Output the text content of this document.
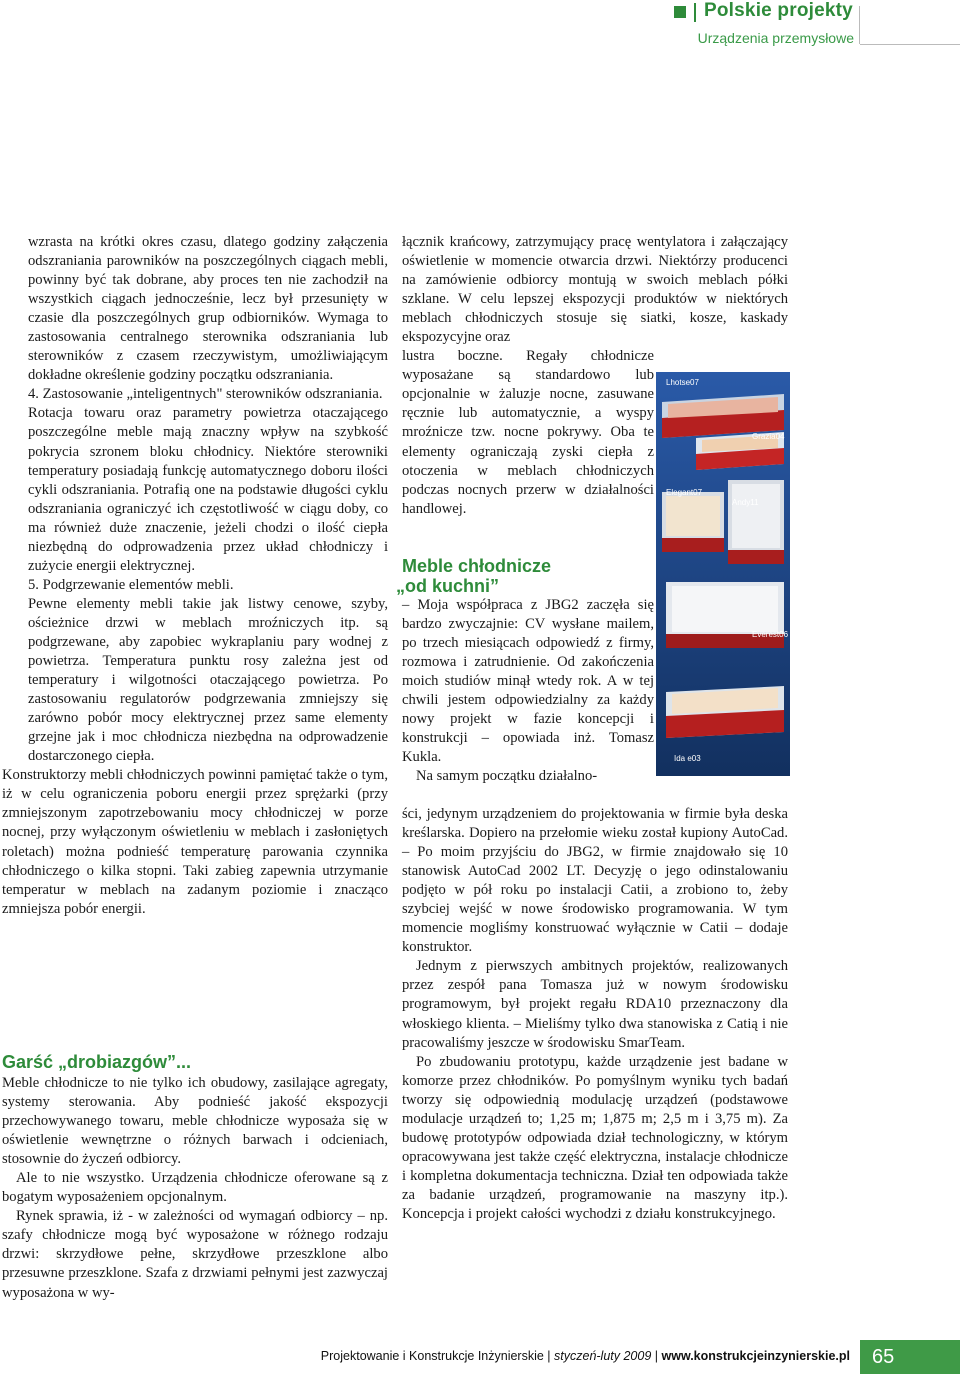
Polskie projekty
Urządzenia przemysłowe

wzrasta na krótki okres czasu, dlatego godziny załączenia odszraniania parowników na poszczególnych ciągach mebli, powinny być tak dobrane, aby proces ten nie zachodził na wszystkich ciągach jednocześnie, lecz był przesunięty w czasie dla poszczególnych grup odbiorników. Wymaga to zastosowania centralnego sterownika odszraniania lub sterowników z czasem rzeczywistym, umożliwiającym dokładne określenie godziny początku odszraniania.

4. Zastosowanie „inteligentnych" sterowników odszraniania.

Rotacja towaru oraz parametry powietrza otaczającego poszczególne meble mają znaczny wpływ na szybkość pokrycia szronem bloku chłodnicy. Niektóre sterowniki temperatury posiadają funkcję automatycznego doboru ilości cykli odszraniania. Potrafią one na podstawie długości cyklu odszraniania ograniczyć ich częstotliwość w ciągu doby, co ma również duże znaczenie, jeżeli chodzi o ilość ciepła niezbędną do odprowadzenia przez układ chłodniczy i zużycie energii elektrycznej.

5. Podgrzewanie elementów mebli.

Pewne elementy mebli takie jak listwy cenowe, szyby, ościeżnice drzwi w meblach mroźniczych itp. są podgrzewane, aby zapobiec wykraplaniu pary wodnej z powietrza. Temperatura punktu rosy zależna jest od temperatury i wilgotności otaczającego powietrza. Po zastosowaniu regulatorów podgrzewania zmniejszy się zarówno pobór mocy elektrycznej przez same elementy grzejne jak i moc chłodnicza niezbędna na odprowadzenie dostarczonego ciepła.

Konstruktorzy mebli chłodniczych powinni pamiętać także o tym, iż w celu ograniczenia poboru energii przez sprężarki (przy zmniejszonym zapotrzebowaniu mocy chłodniczej w porze nocnej, przy wyłączonym oświetleniu w meblach i zasłoniętych roletach) można podnieść temperaturę parowania czynnika chłodniczego o kilka stopni. Taki zabieg zapewnia utrzymanie temperatur w meblach na zadanym poziomie i znacząco zmniejsza pobór energii.

Garść „drobiazgów”...

Meble chłodnicze to nie tylko ich obudowy, zasilające agregaty, systemy sterowania. Aby podnieść jakość ekspozycji przechowywanego towaru, meble chłodnicze wyposaża się w oświetlenie wewnętrzne o różnych barwach i odcieniach, stosownie do życzeń odbiorcy.

Ale to nie wszystko. Urządzenia chłodnicze oferowane są z bogatym wyposażeniem opcjonalnym.

Rynek sprawia, iż - w zależności od wymagań odbiorcy – np. szafy chłodnicze mogą być wyposażone w różnego rodzaju drzwi: skrzydłowe pełne, skrzydłowe przeszklone albo przesuwne przeszklone. Szafa z drzwiami pełnymi jest zazwyczaj wyposażona w wy-

łącznik krańcowy, zatrzymujący pracę wentylatora i załączający oświetlenie w momencie otwarcia drzwi. Niektórzy producenci na zamówienie odbiorcy montują w swoich meblach półki szklane. W celu lepszej ekspozycji produktów w niektórych meblach chłodniczych stosuje się siatki, kosze, kaskady ekspozycyjne oraz

lustra boczne. Regały chłodnicze wyposażane są standardowo lub opcjonalnie w żaluzje nocne, zasuwane ręcznie lub automatycznie, a wyspy mroźnicze tzw. nocne pokrywy. Oba te elementy ograniczają zyski ciepła z otoczenia w meblach chłodniczych podczas nocnych przerw w działalności handlowej.

Meble chłodnicze
„od kuchni”

– Moja współpraca z JBG2 zaczęła się bardzo zwyczajnie: CV wysłane mailem, po trzech miesiącach odpowiedź z firmy, rozmowa i zatrudnienie. Od zakończenia moich studiów minął wtedy rok. A w tej chwili jestem odpowiedzialny za każdy nowy projekt w fazie koncepcji i konstrukcji – opowiada inż. Tomasz Kukla.

Na samym początku działalno-

ści, jedynym urządzeniem do projektowania w firmie była deska kreślarska. Dopiero na przełomie wieku został kupiony AutoCad. – Po moim przyjściu do JBG2, w firmie znajdowało się 10 stanowisk AutoCad 2002 LT. Decyzję o jego odinstalowaniu podjęto w pół roku po instalacji Catii, a zrobiono to, żeby szybciej wejść w nowe środowisko programowania. W tym momencie mogliśmy konstruować wyłącznie w Catii – dodaje konstruktor.

Jednym z pierwszych ambitnych projektów, realizowanych przez zespół pana Tomasza już w nowym środowisku programowym, był projekt regału RDA10 przeznaczony dla włoskiego klienta. – Mieliśmy tylko dwa stanowiska z Catią i nie pracowaliśmy jeszcze w środowisku SmarTeam.

Po zbudowaniu prototypu, każde urządzenie jest badane w komorze przez chłodników. Po pomyślnym wyniku tych badań tworzy się odpowiednią modulację urządzeń (podstawowe modulacje urządzeń to; 1,25 m; 1,875 m; 2,5 m i 3,75 m). Za budowę prototypów odpowiada dział technologiczny, w którym opracowywana jest także część elektryczna, instalacje chłodnicze i kompletna dokumentacja techniczna. Dział ten odpowiada także za badanie urządzeń, programowanie na maszyny itp.). Koncepcja i projekt całości wychodzi z działu konstrukcyjnego.

Lhotse07
Grazia04
Elegant07
Andy11
Everest06
Ida e03
Projektowanie i Konstrukcje Inżynierskie | styczeń-luty 2009 | www.konstrukcjeinzynierskie.pl	65
